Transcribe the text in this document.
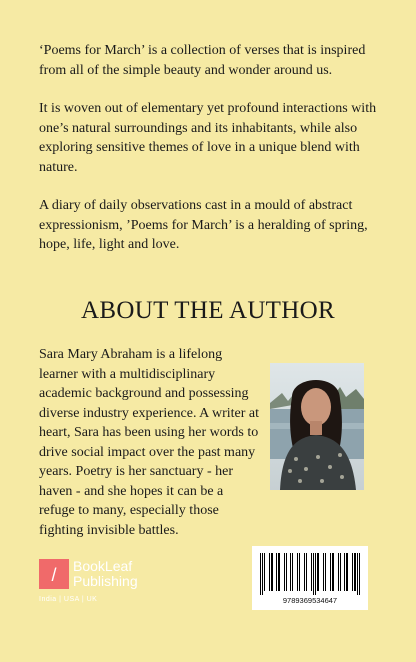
‘Poems for March’ is a collection of verses that is inspired from all of the simple beauty and wonder around us.

It is woven out of elementary yet profound interactions with one’s natural surroundings and its inhabitants, while also exploring sensitive themes of love in a unique blend with nature.

A diary of daily observations cast in a mould of abstract expressionism, ’Poems for March’ is a heralding of spring, hope, life, light and love.

ABOUT THE AUTHOR
Sara Mary Abraham is a lifelong learner with a multidisciplinary academic background and possessing diverse industry experience. A writer at heart, Sara has been using her words to drive social impact over the past many years. Poetry is her sanctuary - her haven - and she hopes it can be a refuge to many, especially those fighting invisible battles.
/ BookLeaf
Publishing
India | USA | UK	9789369534647
